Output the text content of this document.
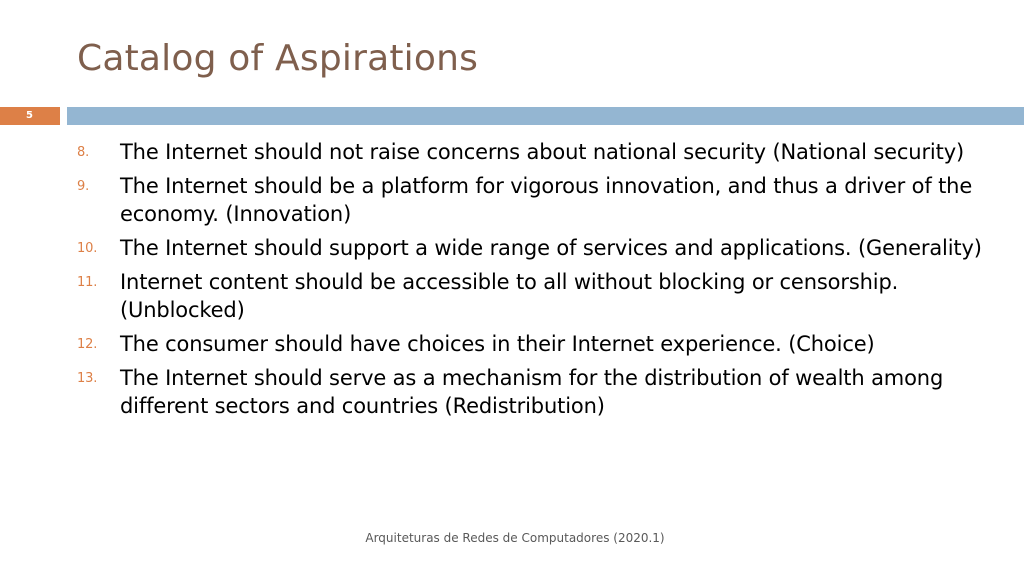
Catalog of Aspirations
5
8. The Internet should not raise concerns about national security (National security)
9. The Internet should be a platform for vigorous innovation, and thus a driver of the economy. (Innovation)
10. The Internet should support a wide range of services and applications. (Generality)
11. Internet content should be accessible to all without blocking or censorship. (Unblocked)
12. The consumer should have choices in their Internet experience. (Choice)
13. The Internet should serve as a mechanism for the distribution of wealth among different sectors and countries (Redistribution)
Arquiteturas de Redes de Computadores (2020.1)
